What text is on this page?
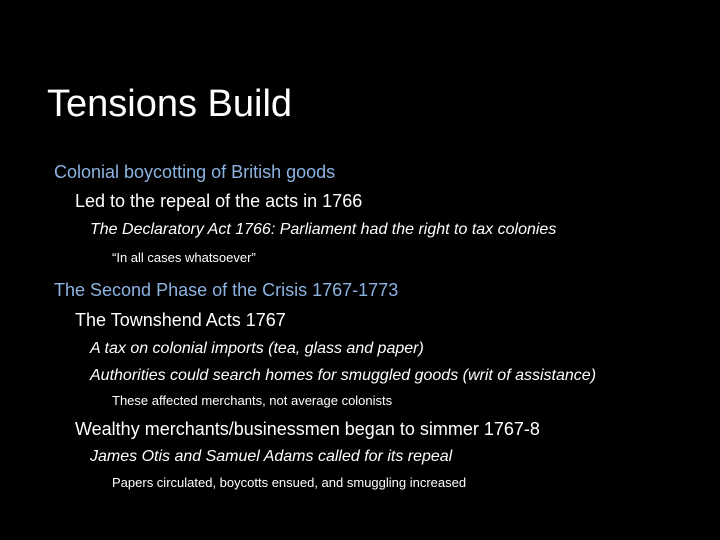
Tensions Build

Colonial boycotting of British goods

Led to the repeal of the acts in 1766

The Declaratory Act 1766: Parliament had the right to tax colonies

“In all cases whatsoever”

The Second Phase of the Crisis 1767-1773

The Townshend Acts 1767

A tax on colonial imports (tea, glass and paper)

Authorities could search homes for smuggled goods (writ of assistance)

These affected merchants, not average colonists

Wealthy merchants/businessmen began to simmer 1767-8

James Otis and Samuel Adams called for its repeal

Papers circulated, boycotts ensued, and smuggling increased
